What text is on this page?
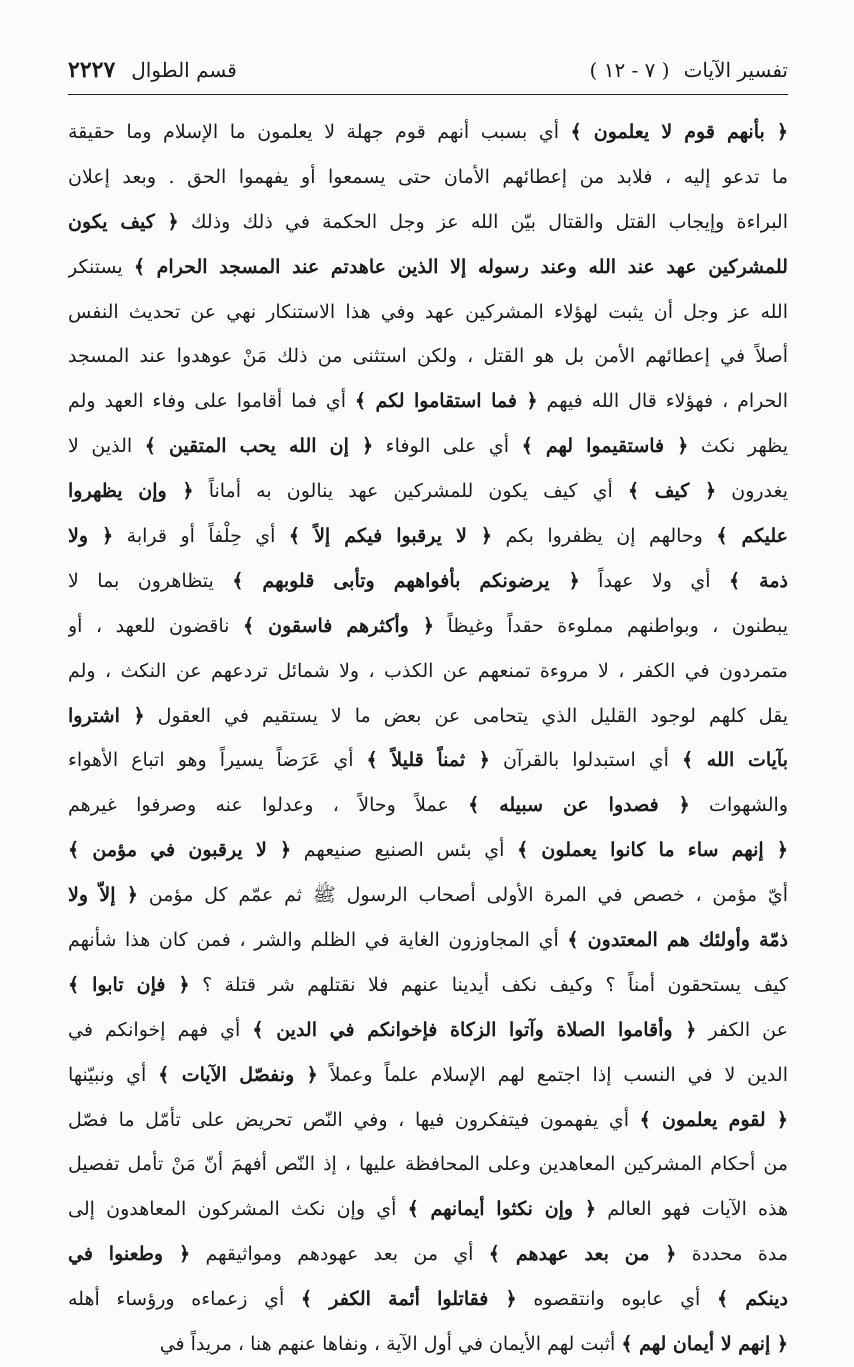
تفسير الآيات
( ٧ - ١٢ )
قسم الطوال
٢٢٢٧
﴿ بأنهم قوم لا يعلمون ﴾ أي بسبب أنهم قوم جهلة لا يعلمون ما الإسلام وما حقيقة
ما تدعو إليه ، فلابد من إعطائهم الأمان حتى يسمعوا أو يفهموا الحق . وبعد إعلان
البراءة وإيجاب القتل والقتال بيّن الله عز وجل الحكمة في ذلك وذلك ﴿ كيف يكون
للمشركين عهد عند الله وعند رسوله إلا الذين عاهدتم عند المسجد الحرام ﴾ يستنكر
الله عز وجل أن يثبت لهؤلاء المشركين عهد وفي هذا الاستنكار نهي عن تحديث النفس
أصلاً في إعطائهم الأمن بل هو القتل ، ولكن استثنى من ذلك مَنْ عوهدوا عند المسجد
الحرام ، فهؤلاء قال الله فيهم ﴿ فما استقاموا لكم ﴾ أي فما أقاموا على وفاء العهد ولم
يظهر نكث ﴿ فاستقيموا لهم ﴾ أي على الوفاء ﴿ إن الله يحب المتقين ﴾ الذين لا
يغدرون ﴿ كيف ﴾ أي كيف يكون للمشركين عهد ينالون به أماناً ﴿ وإن يظهروا
عليكم ﴾ وحالهم إن يظفروا بكم ﴿ لا يرقبوا فيكم إلاً ﴾ أي حِلْفاً أو قرابة ﴿ ولا
ذمة ﴾ أي ولا عهداً ﴿ يرضونكم بأفواههم وتأبى قلوبهم ﴾ يتظاهرون بما لا
يبطنون ، وبواطنهم مملوءة حقداً وغيظاً ﴿ وأكثرهم فاسقون ﴾ ناقضون للعهد ، أو
متمردون في الكفر ، لا مروءة تمنعهم عن الكذب ، ولا شمائل تردعهم عن النكث ، ولم
يقل كلهم لوجود القليل الذي يتحامى عن بعض ما لا يستقيم في العقول ﴿ اشتروا
بآيات الله ﴾ أي استبدلوا بالقرآن ﴿ ثمناً قليلاً ﴾ أي عَرَضاً يسيراً وهو اتباع الأهواء
والشهوات ﴿ فصدوا عن سبيله ﴾ عملاً وحالاً ، وعدلوا عنه وصرفوا غيرهم
﴿ إنهم ساء ما كانوا يعملون ﴾ أي بئس الصنيع صنيعهم ﴿ لا يرقبون في مؤمن ﴾
أيّ مؤمن ، خصص في المرة الأولى أصحاب الرسول ﷺ ثم عمّم كل مؤمن ﴿ إلاّ ولا
ذمّة وأولئك هم المعتدون ﴾ أي المجاوزون الغاية في الظلم والشر ، فمن كان هذا شأنهم
كيف يستحقون أمناً ؟ وكيف نكف أيدينا عنهم فلا نقتلهم شر قتلة ؟ ﴿ فإن تابوا ﴾
عن الكفر ﴿ وأقاموا الصلاة وآتوا الزكاة فإخوانكم في الدين ﴾ أي فهم إخوانكم في
الدين لا في النسب إذا اجتمع لهم الإسلام علماً وعملاً ﴿ ونفصّل الآيات ﴾ أي ونبيّنها
﴿ لقوم يعلمون ﴾ أي يفهمون فيتفكرون فيها ، وفي النّص تحريض على تأمّل ما فصّل
من أحكام المشركين المعاهدين وعلى المحافظة عليها ، إذ النّص أفهمَ أنّ مَنْ تأمل تفصيل
هذه الآيات فهو العالم ﴿ وإن نكثوا أيمانهم ﴾ أي وإن نكث المشركون المعاهدون إلى
مدة محددة ﴿ من بعد عهدهم ﴾ أي من بعد عهودهم ومواثيقهم ﴿ وطعنوا في
دينكم ﴾ أي عابوه وانتقصوه ﴿ فقاتلوا أئمة الكفر ﴾ أي زعماءه ورؤساء أهله
﴿ إنهم لا أيمان لهم ﴾ أثبت لهم الأيمان في أول الآية ، ونفاها عنهم هنا ، مريداً في
